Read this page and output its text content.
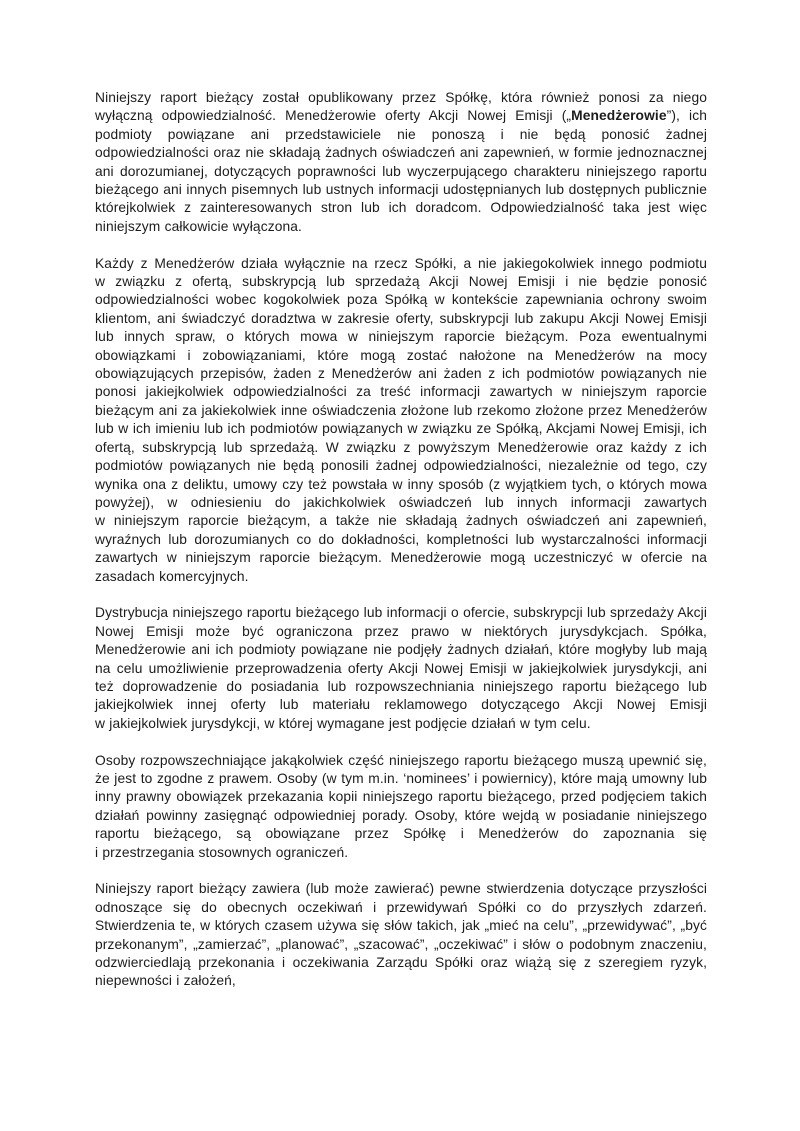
Niniejszy raport bieżący został opublikowany przez Spółkę, która również ponosi za niego wyłączną odpowiedzialność. Menedżerowie oferty Akcji Nowej Emisji („Menedżerowie”), ich podmioty powiązane ani przedstawiciele nie ponoszą i nie będą ponosić żadnej odpowiedzialności oraz nie składają żadnych oświadczeń ani zapewnień, w formie jednoznacznej ani dorozumianej, dotyczących poprawności lub wyczerpującego charakteru niniejszego raportu bieżącego ani innych pisemnych lub ustnych informacji udostępnianych lub dostępnych publicznie którejkolwiek z zainteresowanych stron lub ich doradcom. Odpowiedzialność taka jest więc niniejszym całkowicie wyłączona.

Każdy z Menedżerów działa wyłącznie na rzecz Spółki, a nie jakiegokolwiek innego podmiotu w związku z ofertą, subskrypcją lub sprzedażą Akcji Nowej Emisji i nie będzie ponosić odpowiedzialności wobec kogokolwiek poza Spółką w kontekście zapewniania ochrony swoim klientom, ani świadczyć doradztwa w zakresie oferty, subskrypcji lub zakupu Akcji Nowej Emisji lub innych spraw, o których mowa w niniejszym raporcie bieżącym. Poza ewentualnymi obowiązkami i zobowiązaniami, które mogą zostać nałożone na Menedżerów na mocy obowiązujących przepisów, żaden z Menedżerów ani żaden z ich podmiotów powiązanych nie ponosi jakiejkolwiek odpowiedzialności za treść informacji zawartych w niniejszym raporcie bieżącym ani za jakiekolwiek inne oświadczenia złożone lub rzekomo złożone przez Menedżerów lub w ich imieniu lub ich podmiotów powiązanych w związku ze Spółką, Akcjami Nowej Emisji, ich ofertą, subskrypcją lub sprzedażą. W związku z powyższym Menedżerowie oraz każdy z ich podmiotów powiązanych nie będą ponosili żadnej odpowiedzialności, niezależnie od tego, czy wynika ona z deliktu, umowy czy też powstała w inny sposób (z wyjątkiem tych, o których mowa powyżej), w odniesieniu do jakichkolwiek oświadczeń lub innych informacji zawartych w niniejszym raporcie bieżącym, a także nie składają żadnych oświadczeń ani zapewnień, wyraźnych lub dorozumianych co do dokładności, kompletności lub wystarczalności informacji zawartych w niniejszym raporcie bieżącym. Menedżerowie mogą uczestniczyć w ofercie na zasadach komercyjnych.

Dystrybucja niniejszego raportu bieżącego lub informacji o ofercie, subskrypcji lub sprzedaży Akcji Nowej Emisji może być ograniczona przez prawo w niektórych jurysdykcjach. Spółka, Menedżerowie ani ich podmioty powiązane nie podjęły żadnych działań, które mogłyby lub mają na celu umożliwienie przeprowadzenia oferty Akcji Nowej Emisji w jakiejkolwiek jurysdykcji, ani też doprowadzenie do posiadania lub rozpowszechniania niniejszego raportu bieżącego lub jakiejkolwiek innej oferty lub materiału reklamowego dotyczącego Akcji Nowej Emisji w jakiejkolwiek jurysdykcji, w której wymagane jest podjęcie działań w tym celu.

Osoby rozpowszechniające jakąkolwiek część niniejszego raportu bieżącego muszą upewnić się, że jest to zgodne z prawem. Osoby (w tym m.in. ‘nominees’ i powiernicy), które mają umowny lub inny prawny obowiązek przekazania kopii niniejszego raportu bieżącego, przed podjęciem takich działań powinny zasięgnąć odpowiedniej porady. Osoby, które wejdą w posiadanie niniejszego raportu bieżącego, są obowiązane przez Spółkę i Menedżerów do zapoznania się i przestrzegania stosownych ograniczeń.

Niniejszy raport bieżący zawiera (lub może zawierać) pewne stwierdzenia dotyczące przyszłości odnoszące się do obecnych oczekiwań i przewidywań Spółki co do przyszłych zdarzeń. Stwierdzenia te, w których czasem używa się słów takich, jak „mieć na celu”, „przewidywać”, „być przekonanym”, „zamierzać”, „planować”, „szacować”, „oczekiwać” i słów o podobnym znaczeniu, odzwierciedlają przekonania i oczekiwania Zarządu Spółki oraz wiążą się z szeregiem ryzyk, niepewności i założeń,
